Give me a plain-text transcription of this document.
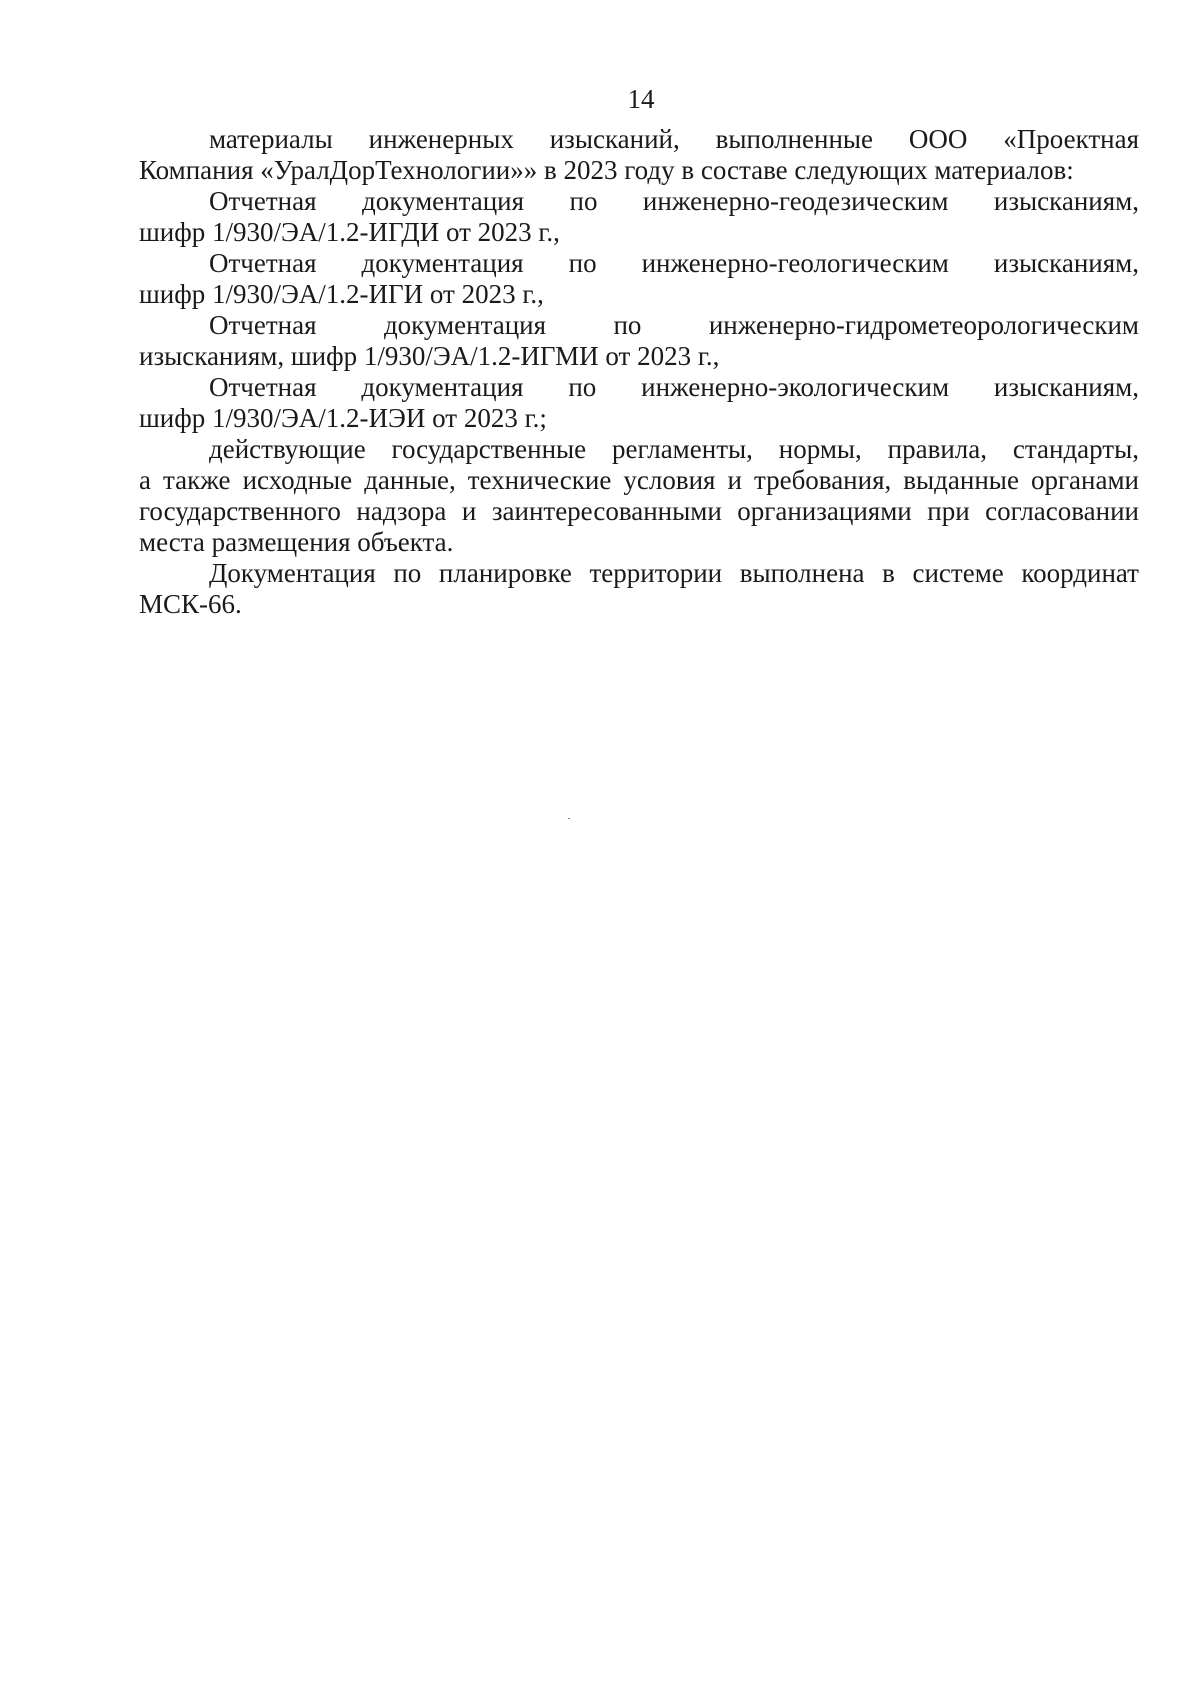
14
материалы инженерных изысканий, выполненные ООО «Проектная
Компания «УралДорТехнологии»» в 2023 году в составе следующих материалов:
Отчетная документация по инженерно-геодезическим изысканиям,
шифр 1/930/ЭА/1.2-ИГДИ от 2023 г.,
Отчетная документация по инженерно-геологическим изысканиям,
шифр 1/930/ЭА/1.2-ИГИ от 2023 г.,
Отчетная документация по инженерно-гидрометеорологическим
изысканиям, шифр 1/930/ЭА/1.2-ИГМИ от 2023 г.,
Отчетная документация по инженерно-экологическим изысканиям,
шифр 1/930/ЭА/1.2-ИЭИ от 2023 г.;
действующие государственные регламенты, нормы, правила, стандарты,
а также исходные данные, технические условия и требования, выданные органами
государственного надзора и заинтересованными организациями при согласовании
места размещения объекта.
Документация по планировке территории выполнена в системе координат
МСК-66.
